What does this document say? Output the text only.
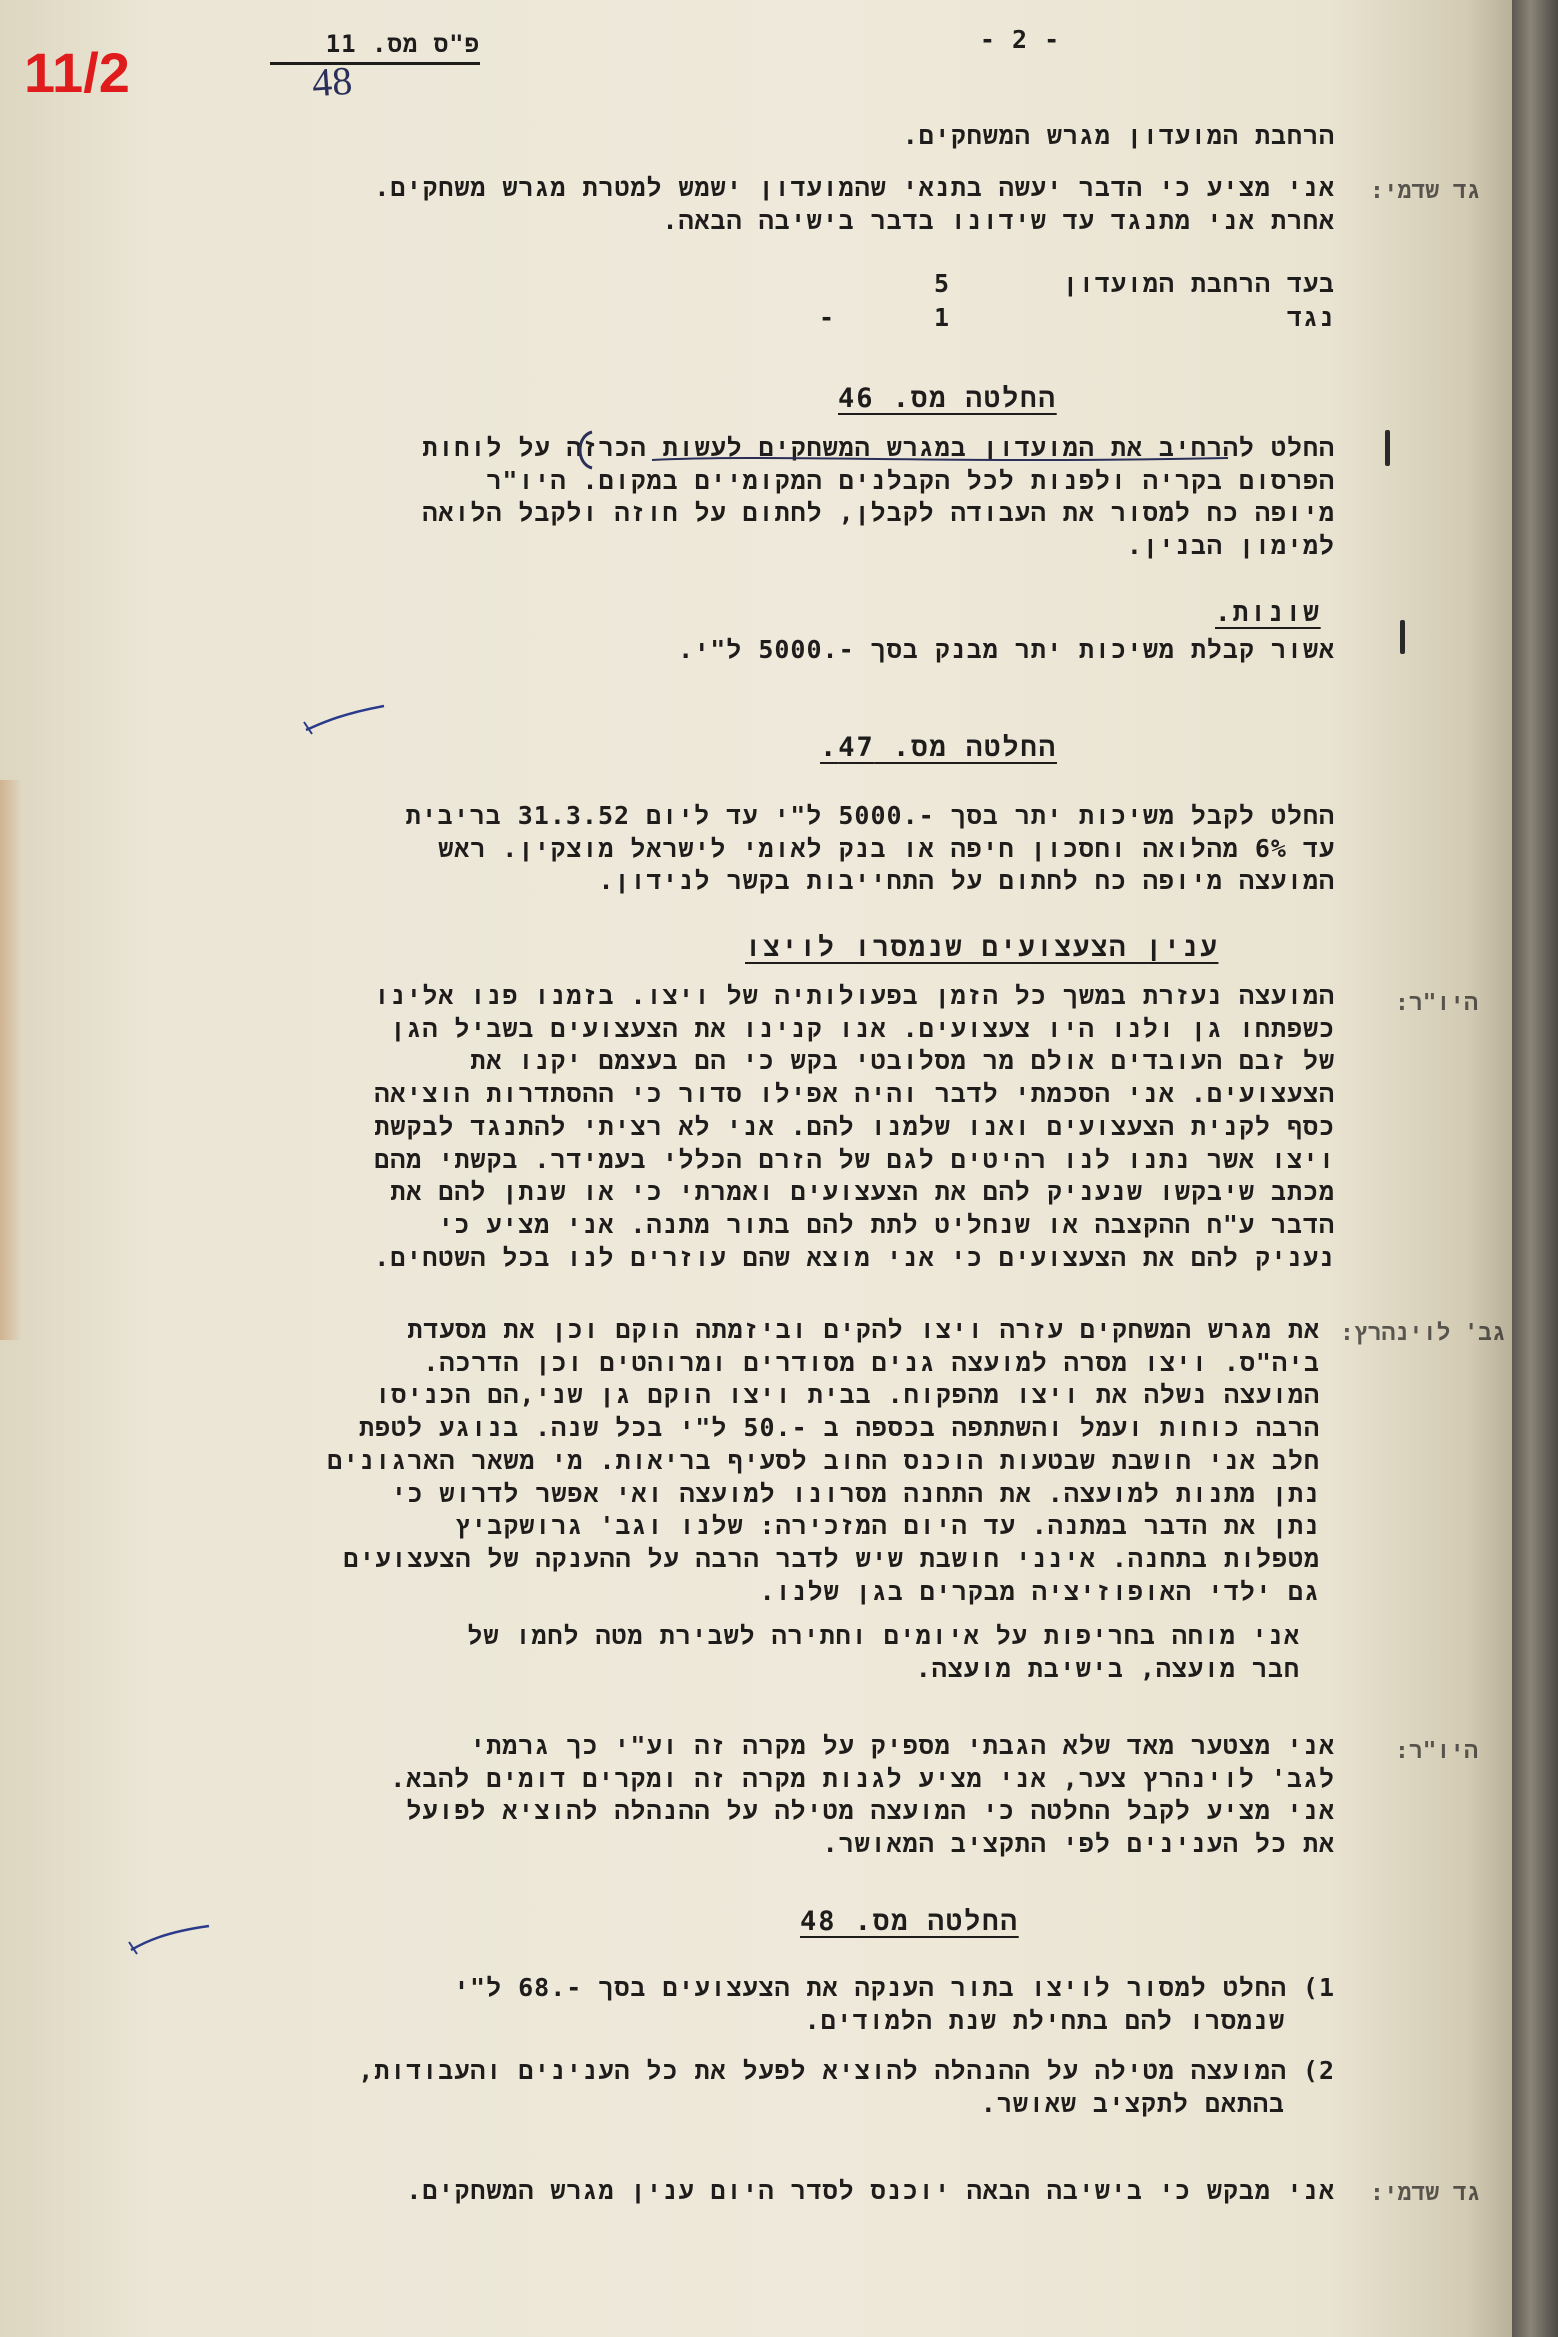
11/2	פ"ס מס. 11
48
- 2 -
הרחבת המועדון מגרש המשחקים.
גד שדמי:
אני מציע כי הדבר יעשה בתנאי שהמועדון ישמש למטרת מגרש משחקים.
אחרת אני מתנגד עד שידונו בדבר בישיבה הבאה.
בעד הרחבת המועדון
5
נגד
1
-
החלטה מס. 46
החלט להרחיב את המועדון במגרש המשחקים לעשות הכרזה על לוחות
הפרסום בקריה ולפנות לכל הקבלנים המקומיים במקום. היו"ר
מיופה כח למסור את העבודה לקבלן, לחתום על חוזה ולקבל הלואה
למימון הבנין.
שונות.
אשור קבלת משיכות יתר מבנק בסך -.5000 ל"י.
החלטה מס. 47.
החלט לקבל משיכות יתר בסך -.5000 ל"י עד ליום 31.3.52 בריבית
עד 6% מהלואה וחסכון חיפה או בנק לאומי לישראל מוצקין. ראש
המועצה מיופה כח לחתום על התחייבות בקשר לנידון.
ענין הצעצועים שנמסרו לויצו
היו"ר:
המועצה נעזרת במשך כל הזמן בפעולותיה של ויצו. בזמנו פנו אלינו
כשפתחו גן ולנו היו צעצועים. אנו קנינו את הצעצועים בשביל הגן
של זבם העובדים אולם מר מסלובטי בקש כי הם בעצמם יקנו את
הצעצועים. אני הסכמתי לדבר והיה אפילו סדור כי ההסתדרות הוציאה
כסף לקנית הצעצועים ואנו שלמנו להם. אני לא רציתי להתנגד לבקשת
ויצו אשר נתנו לנו רהיטים לגם של הזרם הכללי בעמידר. בקשתי מהם
מכתב שיבקשו שנעניק להם את הצעצועים ואמרתי כי או שנתן להם את
הדבר ע"ח ההקצבה או שנחליט לתת להם בתור מתנה. אני מציע כי
נעניק להם את הצעצועים כי אני מוצא שהם עוזרים לנו בכל השטחים.
גב' לוינהרץ:
את מגרש המשחקים עזרה ויצו להקים וביזמתה הוקם וכן את מסעדת
ביה"ס. ויצו מסרה למועצה גנים מסודרים ומרוהטים וכן הדרכה.
המועצה נשלה את ויצו מהפקוח. בבית ויצו הוקם גן שני,הם הכניסו
הרבה כוחות ועמל והשתתפה בכספה ב -.50 ל"י בכל שנה. בנוגע לטפת
חלב אני חושבת שבטעות הוכנס החוב לסעיף בריאות. מי משאר הארגונים
נתן מתנות למועצה. את התחנה מסרונו למועצה ואי אפשר לדרוש כי
נתן את הדבר במתנה. עד היום המזכירה: שלנו וגב' גרושקביץ
מטפלות בתחנה. אינני חושבת שיש לדבר הרבה על ההענקה של הצעצועים
גם ילדי האופוזיציה מבקרים בגן שלנו.
אני מוחה בחריפות על איומים וחתירה לשבירת מטה לחמו של
חבר מועצה, בישיבת מועצה.
היו"ר:
אני מצטער מאד שלא הגבתי מספיק על מקרה זה וע"י כך גרמתי
לגב' לוינהרץ צער, אני מציע לגנות מקרה זה ומקרים דומים להבא.
אני מציע לקבל החלטה כי המועצה מטילה על ההנהלה להוציא לפועל
את כל הענינים לפי התקציב המאושר.
החלטה מס. 48
1) החלט למסור לויצו בתור הענקה את הצעצועים בסך -.68 ל"י
שנמסרו להם בתחילת שנת הלמודים.
2) המועצה מטילה על ההנהלה להוציא לפעל את כל הענינים והעבודות,
בהתאם לתקציב שאושר.
גד שדמי:
אני מבקש כי בישיבה הבאה יוכנס לסדר היום ענין מגרש המשחקים.
